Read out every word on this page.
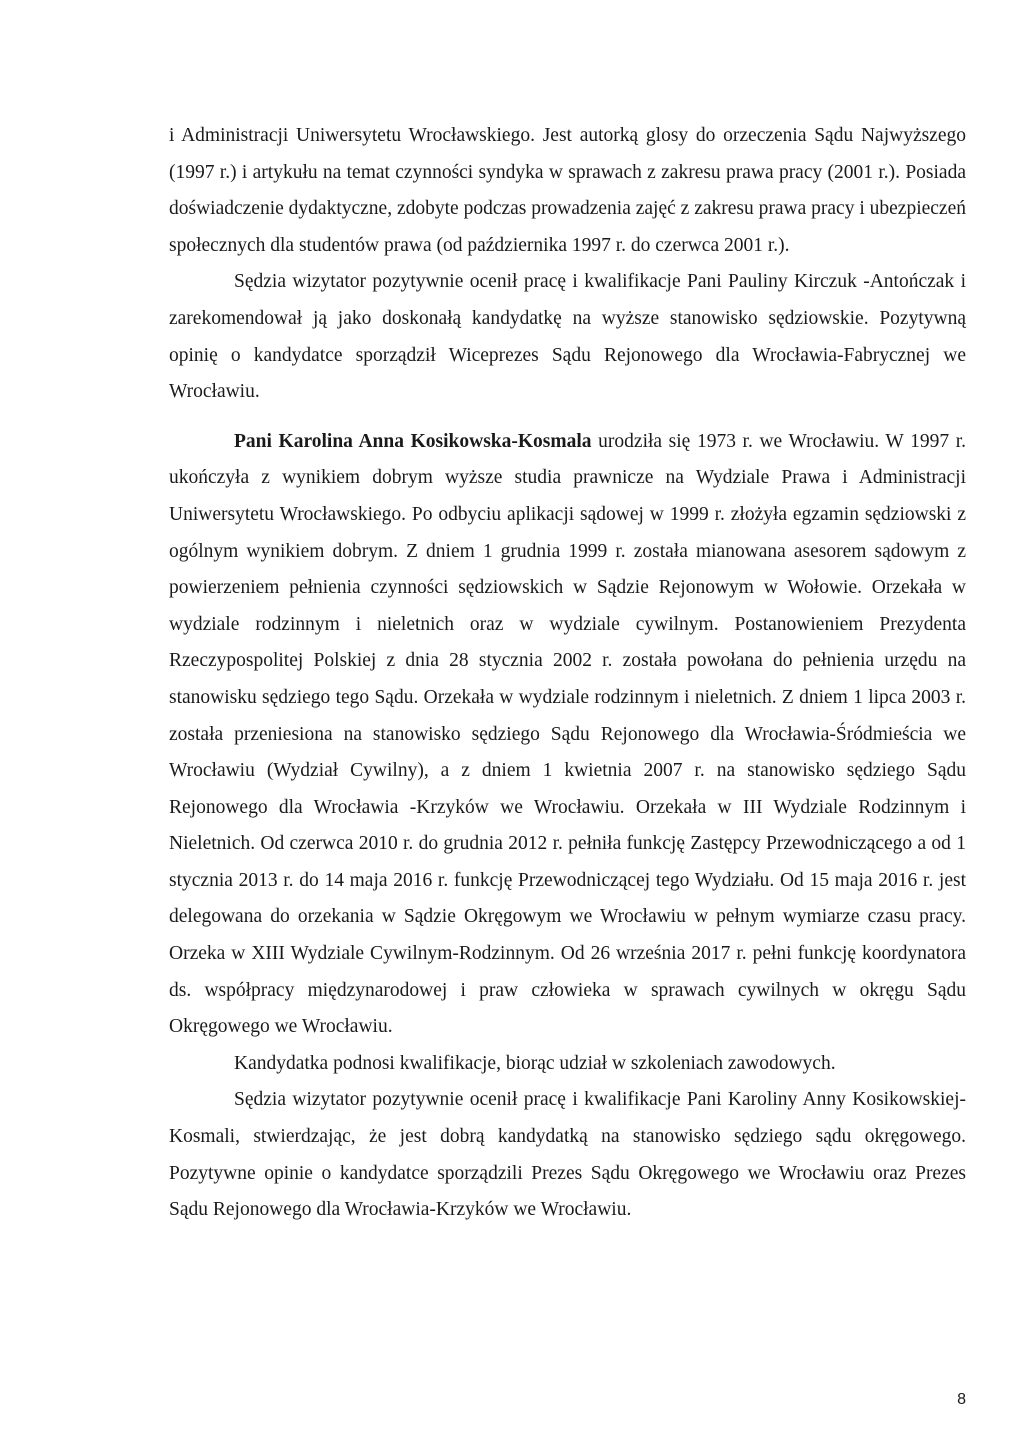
i Administracji Uniwersytetu Wrocławskiego. Jest autorką glosy do orzeczenia Sądu Najwyższego (1997 r.) i artykułu na temat czynności syndyka w sprawach z zakresu prawa pracy (2001 r.). Posiada doświadczenie dydaktyczne, zdobyte podczas prowadzenia zajęć z zakresu prawa pracy i ubezpieczeń społecznych dla studentów prawa (od października 1997 r. do czerwca 2001 r.).

Sędzia wizytator pozytywnie ocenił pracę i kwalifikacje Pani Pauliny Kirczuk -Antończak i zarekomendował ją jako doskonałą kandydatkę na wyższe stanowisko sędziowskie. Pozytywną opinię o kandydatce sporządził Wiceprezes Sądu Rejonowego dla Wrocławia-Fabrycznej we Wrocławiu.

Pani Karolina Anna Kosikowska-Kosmala urodziła się 1973 r. we Wrocławiu. W 1997 r. ukończyła z wynikiem dobrym wyższe studia prawnicze na Wydziale Prawa i Administracji Uniwersytetu Wrocławskiego. Po odbyciu aplikacji sądowej w 1999 r. złożyła egzamin sędziowski z ogólnym wynikiem dobrym. Z dniem 1 grudnia 1999 r. została mianowana asesorem sądowym z powierzeniem pełnienia czynności sędziowskich w Sądzie Rejonowym w Wołowie. Orzekała w wydziale rodzinnym i nieletnich oraz w wydziale cywilnym. Postanowieniem Prezydenta Rzeczypospolitej Polskiej z dnia 28 stycznia 2002 r. została powołana do pełnienia urzędu na stanowisku sędziego tego Sądu. Orzekała w wydziale rodzinnym i nieletnich. Z dniem 1 lipca 2003 r. została przeniesiona na stanowisko sędziego Sądu Rejonowego dla Wrocławia-Śródmieścia we Wrocławiu (Wydział Cywilny), a z dniem 1 kwietnia 2007 r. na stanowisko sędziego Sądu Rejonowego dla Wrocławia -Krzyków we Wrocławiu. Orzekała w III Wydziale Rodzinnym i Nieletnich. Od czerwca 2010 r. do grudnia 2012 r. pełniła funkcję Zastępcy Przewodniczącego a od 1 stycznia 2013 r. do 14 maja 2016 r. funkcję Przewodniczącej tego Wydziału. Od 15 maja 2016 r. jest delegowana do orzekania w Sądzie Okręgowym we Wrocławiu w pełnym wymiarze czasu pracy. Orzeka w XIII Wydziale Cywilnym-Rodzinnym. Od 26 września 2017 r. pełni funkcję koordynatora ds. współpracy międzynarodowej i praw człowieka w sprawach cywilnych w okręgu Sądu Okręgowego we Wrocławiu.

Kandydatka podnosi kwalifikacje, biorąc udział w szkoleniach zawodowych.

Sędzia wizytator pozytywnie ocenił pracę i kwalifikacje Pani Karoliny Anny Kosikowskiej-Kosmali, stwierdzając, że jest dobrą kandydatką na stanowisko sędziego sądu okręgowego. Pozytywne opinie o kandydatce sporządzili Prezes Sądu Okręgowego we Wrocławiu oraz Prezes Sądu Rejonowego dla Wrocławia-Krzyków we Wrocławiu.

8
